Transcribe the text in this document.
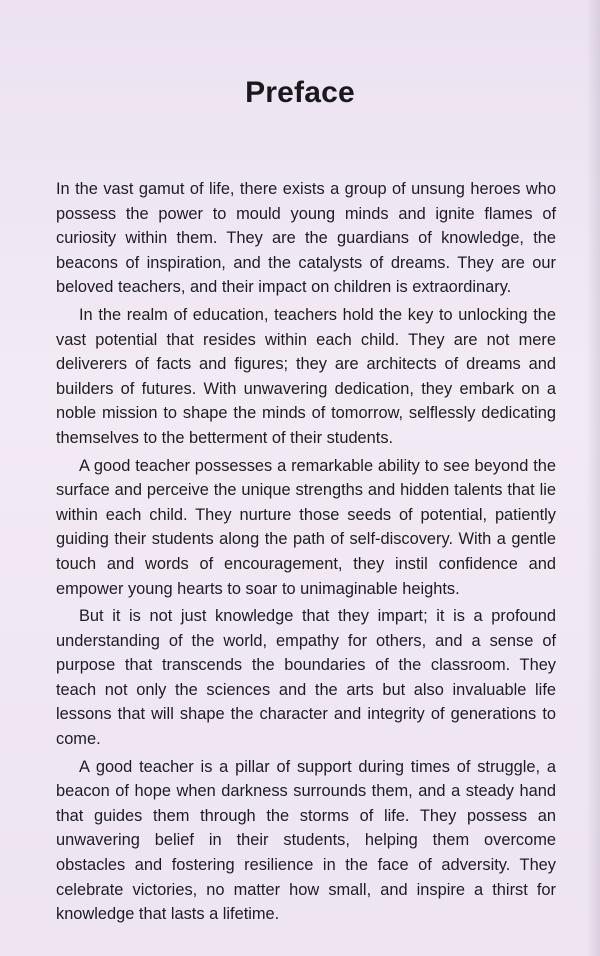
Preface

In the vast gamut of life, there exists a group of unsung heroes who possess the power to mould young minds and ignite flames of curiosity within them. They are the guardians of knowledge, the beacons of inspiration, and the catalysts of dreams. They are our beloved teachers, and their impact on children is extraordinary.

In the realm of education, teachers hold the key to unlocking the vast potential that resides within each child. They are not mere deliverers of facts and figures; they are architects of dreams and builders of futures. With unwavering dedication, they embark on a noble mission to shape the minds of tomorrow, selflessly dedicating themselves to the betterment of their students.

A good teacher possesses a remarkable ability to see beyond the surface and perceive the unique strengths and hidden talents that lie within each child. They nurture those seeds of potential, patiently guiding their students along the path of self-discovery. With a gentle touch and words of encouragement, they instil confidence and empower young hearts to soar to unimaginable heights.

But it is not just knowledge that they impart; it is a profound understanding of the world, empathy for others, and a sense of purpose that transcends the boundaries of the classroom. They teach not only the sciences and the arts but also invaluable life lessons that will shape the character and integrity of generations to come.

A good teacher is a pillar of support during times of struggle, a beacon of hope when darkness surrounds them, and a steady hand that guides them through the storms of life. They possess an unwavering belief in their students, helping them overcome obstacles and fostering resilience in the face of adversity. They celebrate victories, no matter how small, and inspire a thirst for knowledge that lasts a lifetime.
